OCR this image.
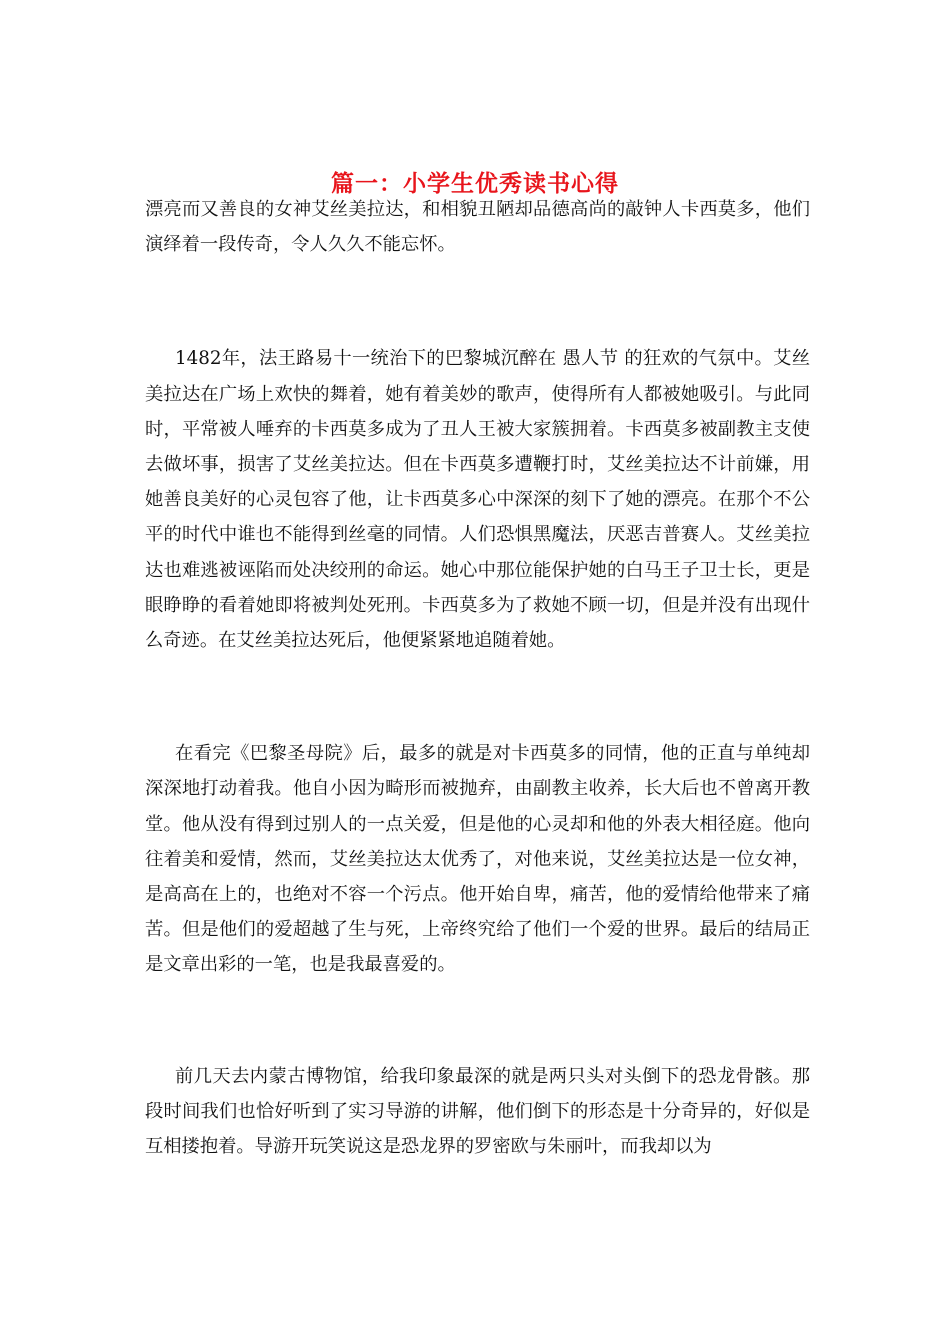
篇一：小学生优秀读书心得

漂亮而又善良的女神艾丝美拉达，和相貌丑陋却品德高尚的敲钟人卡西莫多，他们演绎着一段传奇，令人久久不能忘怀。

1482年，法王路易十一统治下的巴黎城沉醉在 愚人节 的狂欢的气氛中。艾丝美拉达在广场上欢快的舞着，她有着美妙的歌声，使得所有人都被她吸引。与此同时，平常被人唾弃的卡西莫多成为了丑人王被大家簇拥着。卡西莫多被副教主支使去做坏事，损害了艾丝美拉达。但在卡西莫多遭鞭打时，艾丝美拉达不计前嫌，用她善良美好的心灵包容了他，让卡西莫多心中深深的刻下了她的漂亮。在那个不公平的时代中谁也不能得到丝毫的同情。人们恐惧黑魔法，厌恶吉普赛人。艾丝美拉达也难逃被诬陷而处决绞刑的命运。她心中那位能保护她的白马王子卫士长，更是眼睁睁的看着她即将被判处死刑。卡西莫多为了救她不顾一切，但是并没有出现什么奇迹。在艾丝美拉达死后，他便紧紧地追随着她。

在看完《巴黎圣母院》后，最多的就是对卡西莫多的同情，他的正直与单纯却深深地打动着我。他自小因为畸形而被抛弃，由副教主收养，长大后也不曾离开教堂。他从没有得到过别人的一点关爱，但是他的心灵却和他的外表大相径庭。他向往着美和爱情，然而，艾丝美拉达太优秀了，对他来说，艾丝美拉达是一位女神，是高高在上的，也绝对不容一个污点。他开始自卑，痛苦，他的爱情给他带来了痛苦。但是他们的爱超越了生与死，上帝终究给了他们一个爱的世界。最后的结局正是文章出彩的一笔，也是我最喜爱的。

前几天去内蒙古博物馆，给我印象最深的就是两只头对头倒下的恐龙骨骸。那段时间我们也恰好听到了实习导游的讲解，他们倒下的形态是十分奇异的，好似是互相搂抱着。导游开玩笑说这是恐龙界的罗密欧与朱丽叶，而我却以为
